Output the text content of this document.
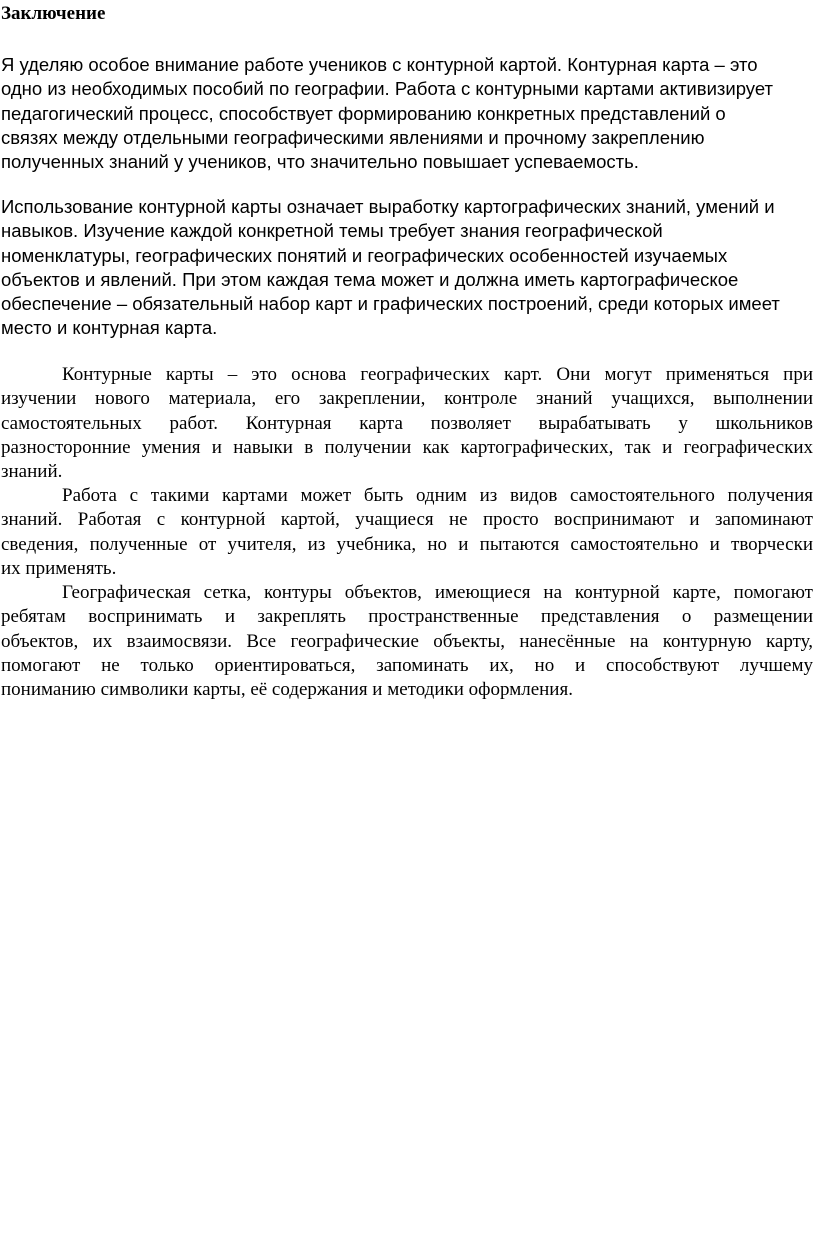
Заключение

Я уделяю особое внимание работе учеников с контурной картой. Контурная карта – это
одно из необходимых пособий по географии. Работа с контурными картами активизирует
педагогический процесс, способствует формированию конкретных представлений о
связях между отдельными географическими явлениями и прочному закреплению
полученных знаний у учеников, что значительно повышает успеваемость.

Использование контурной карты означает выработку картографических знаний, умений и
навыков. Изучение каждой конкретной темы требует знания географической
номенклатуры, географических понятий и географических особенностей изучаемых
объектов и явлений. При этом каждая тема может и должна иметь картографическое
обеспечение – обязательный набор карт и графических построений, среди которых имеет
место и контурная карта.

Контурные карты – это основа географических карт. Они могут применяться при
изучении нового материала, его закреплении, контроле знаний учащихся, выполнении
самостоятельных работ. Контурная карта позволяет вырабатывать у школьников
разносторонние умения и навыки в получении как картографических, так и географических
знаний.

Работа с такими картами может быть одним из видов самостоятельного получения
знаний. Работая с контурной картой, учащиеся не просто воспринимают и запоминают
сведения, полученные от учителя, из учебника, но и пытаются самостоятельно и творчески
их применять.

Географическая сетка, контуры объектов, имеющиеся на контурной карте, помогают
ребятам воспринимать и закреплять пространственные представления о размещении
объектов, их взаимосвязи. Все географические объекты, нанесённые на контурную карту,
помогают не только ориентироваться, запоминать их, но и способствуют лучшему
пониманию символики карты, её содержания и методики оформления.
